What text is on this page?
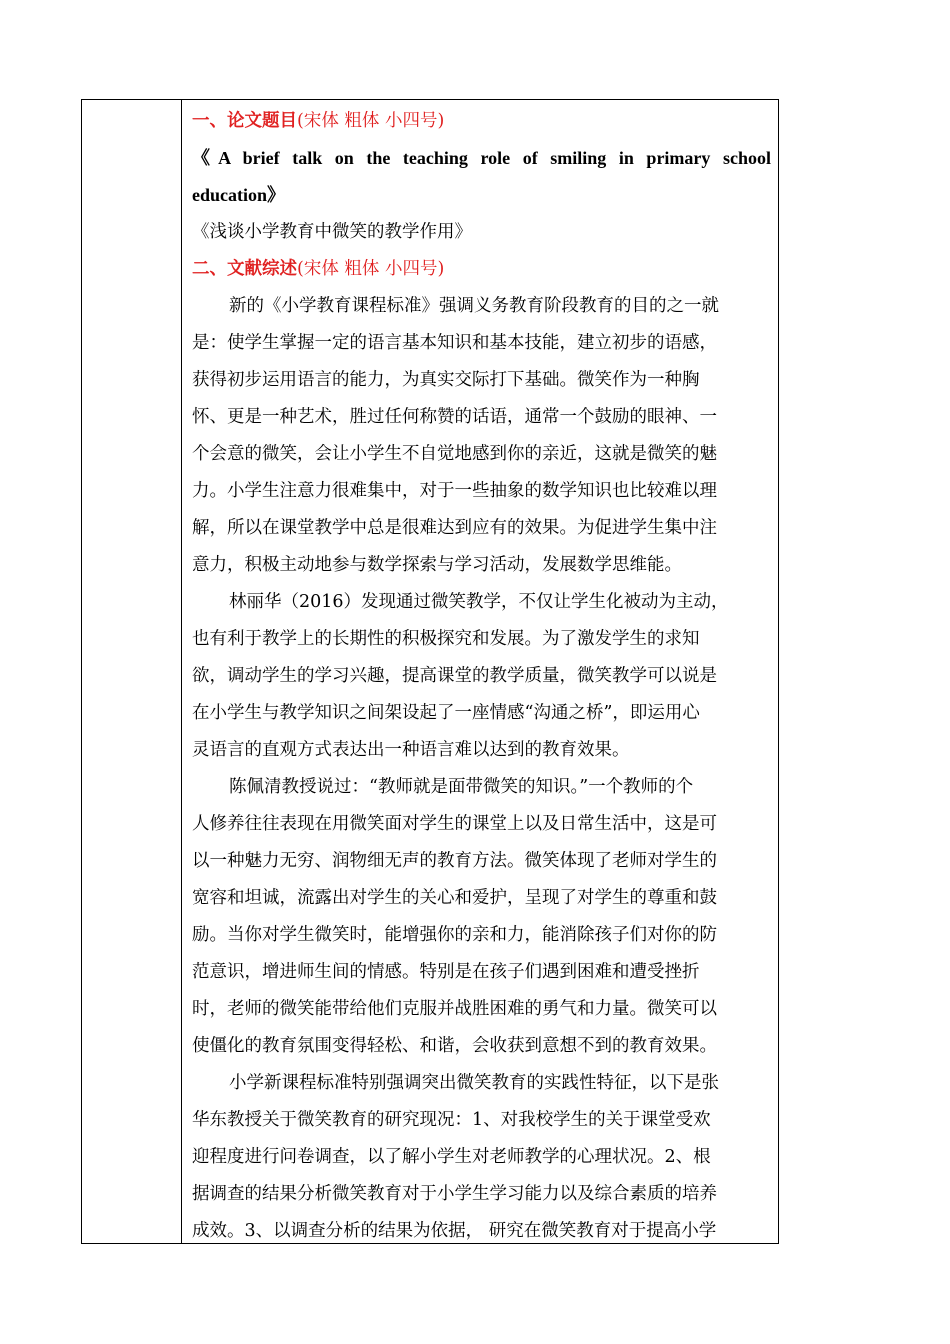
一、论文题目(宋体 粗体 小四号)
《A brief talk on the teaching role of smiling in primary school
education》
《浅谈小学教育中微笑的教学作用》
二、文献综述(宋体 粗体 小四号)
新的《小学教育课程标准》强调义务教育阶段教育的目的之一就
是：使学生掌握一定的语言基本知识和基本技能，建立初步的语感，
获得初步运用语言的能力，为真实交际打下基础。微笑作为一种胸
怀、更是一种艺术，胜过任何称赞的话语，通常一个鼓励的眼神、一
个会意的微笑，会让小学生不自觉地感到你的亲近，这就是微笑的魅
力。小学生注意力很难集中，对于一些抽象的数学知识也比较难以理
解，所以在课堂教学中总是很难达到应有的效果。为促进学生集中注
意力，积极主动地参与数学探索与学习活动，发展数学思维能。
林丽华（2016）发现通过微笑教学，不仅让学生化被动为主动，
也有利于教学上的长期性的积极探究和发展。为了激发学生的求知
欲，调动学生的学习兴趣，提高课堂的教学质量，微笑教学可以说是
在小学生与教学知识之间架设起了一座情感“沟通之桥”，即运用心
灵语言的直观方式表达出一种语言难以达到的教育效果。
陈佩清教授说过：“教师就是面带微笑的知识。”一个教师的个
人修养往往表现在用微笑面对学生的课堂上以及日常生活中，这是可
以一种魅力无穷、润物细无声的教育方法。微笑体现了老师对学生的
宽容和坦诚，流露出对学生的关心和爱护，呈现了对学生的尊重和鼓
励。当你对学生微笑时，能增强你的亲和力，能消除孩子们对你的防
范意识，增进师生间的情感。特别是在孩子们遇到困难和遭受挫折
时，老师的微笑能带给他们克服并战胜困难的勇气和力量。微笑可以
使僵化的教育氛围变得轻松、和谐，会收获到意想不到的教育效果。
小学新课程标准特别强调突出微笑教育的实践性特征，以下是张
华东教授关于微笑教育的研究现况：1、对我校学生的关于课堂受欢
迎程度进行问卷调查，以了解小学生对老师教学的心理状况。2、根
据调查的结果分析微笑教育对于小学生学习能力以及综合素质的培养
成效。3、以调查分析的结果为依据， 研究在微笑教育对于提高小学
